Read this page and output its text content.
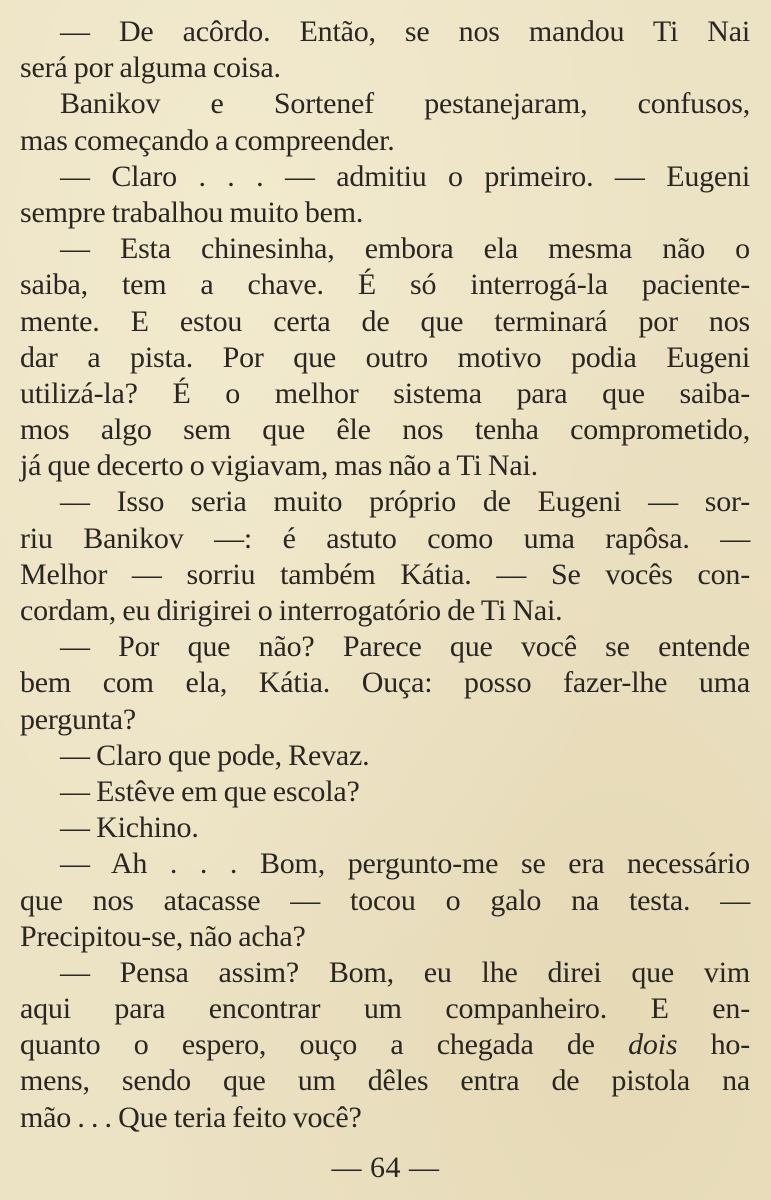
— De acôrdo. Então, se nos mandou Ti Nai
será por alguma coisa.
Banikov e Sortenef pestanejaram, confusos,
mas começando a compreender.
— Claro . . . — admitiu o primeiro. — Eugeni
sempre trabalhou muito bem.
— Esta chinesinha, embora ela mesma não o
saiba, tem a chave. É só interrogá-la paciente-
mente. E estou certa de que terminará por nos
dar a pista. Por que outro motivo podia Eugeni
utilizá-la? É o melhor sistema para que saiba-
mos algo sem que êle nos tenha comprometido,
já que decerto o vigiavam, mas não a Ti Nai.
— Isso seria muito próprio de Eugeni — sor-
riu Banikov —: é astuto como uma rapôsa. —
Melhor — sorriu também Kátia. — Se vocês con-
cordam, eu dirigirei o interrogatório de Ti Nai.
— Por que não? Parece que você se entende
bem com ela, Kátia. Ouça: posso fazer-lhe uma
pergunta?
— Claro que pode, Revaz.
— Estêve em que escola?
— Kichino.
— Ah . . . Bom, pergunto-me se era necessário
que nos atacasse — tocou o galo na testa. —
Precipitou-se, não acha?
— Pensa assim? Bom, eu lhe direi que vim
aqui para encontrar um companheiro. E en-
quanto o espero, ouço a chegada de dois ho-
mens, sendo que um dêles entra de pistola na
mão . . . Que teria feito você?
— 64 —
